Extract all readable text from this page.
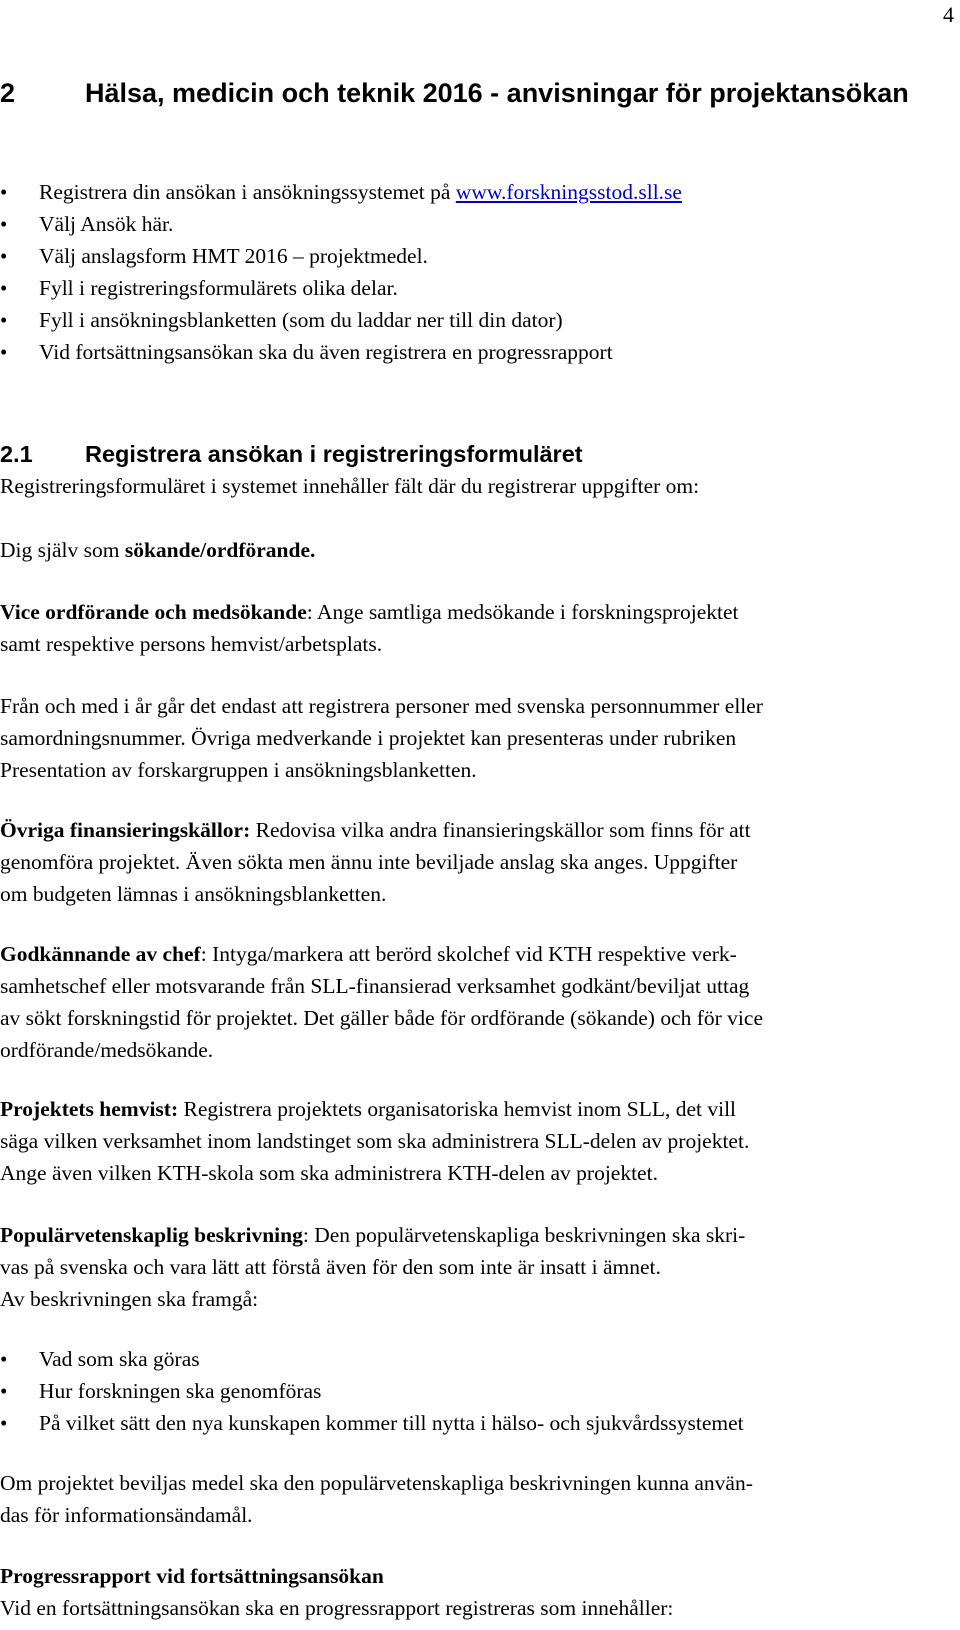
4
2	Hälsa, medicin och teknik 2016 - anvisningar för projektansökan
• Registrera din ansökan i ansökningssystemet på www.forskningsstod.sll.se
• Välj Ansök här.
• Välj anslagsform HMT 2016 – projektmedel.
• Fyll i registreringsformulärets olika delar.
• Fyll i ansökningsblanketten (som du laddar ner till din dator)
• Vid fortsättningsansökan ska du även registrera en progressrapport
2.1 Registrera ansökan i registreringsformuläret

Registreringsformuläret i systemet innehåller fält där du registrerar uppgifter om:

Dig själv som sökande/ordförande.

Vice ordförande och medsökande: Ange samtliga medsökande i forskningsprojektet
samt respektive persons hemvist/arbetsplats.

Från och med i år går det endast att registrera personer med svenska personnummer eller
samordningsnummer. Övriga medverkande i projektet kan presenteras under rubriken
Presentation av forskargruppen i ansökningsblanketten.

Övriga finansieringskällor: Redovisa vilka andra finansieringskällor som finns för att
genomföra projektet. Även sökta men ännu inte beviljade anslag ska anges. Uppgifter
om budgeten lämnas i ansökningsblanketten.

Godkännande av chef: Intyga/markera att berörd skolchef vid KTH respektive verk-
samhetschef eller motsvarande från SLL-finansierad verksamhet godkänt/beviljat uttag
av sökt forskningstid för projektet. Det gäller både för ordförande (sökande) och för vice
ordförande/medsökande.

Projektets hemvist: Registrera projektets organisatoriska hemvist inom SLL, det vill
säga vilken verksamhet inom landstinget som ska administrera SLL-delen av projektet.
Ange även vilken KTH-skola som ska administrera KTH-delen av projektet.

Populärvetenskaplig beskrivning: Den populärvetenskapliga beskrivningen ska skri-
vas på svenska och vara lätt att förstå även för den som inte är insatt i ämnet.
Av beskrivningen ska framgå:

• Vad som ska göras
• Hur forskningen ska genomföras
• På vilket sätt den nya kunskapen kommer till nytta i hälso- och sjukvårdssystemet

Om projektet beviljas medel ska den populärvetenskapliga beskrivningen kunna använ-
das för informationsändamål.

Progressrapport vid fortsättningsansökan
Vid en fortsättningsansökan ska en progressrapport registreras som innehåller:
